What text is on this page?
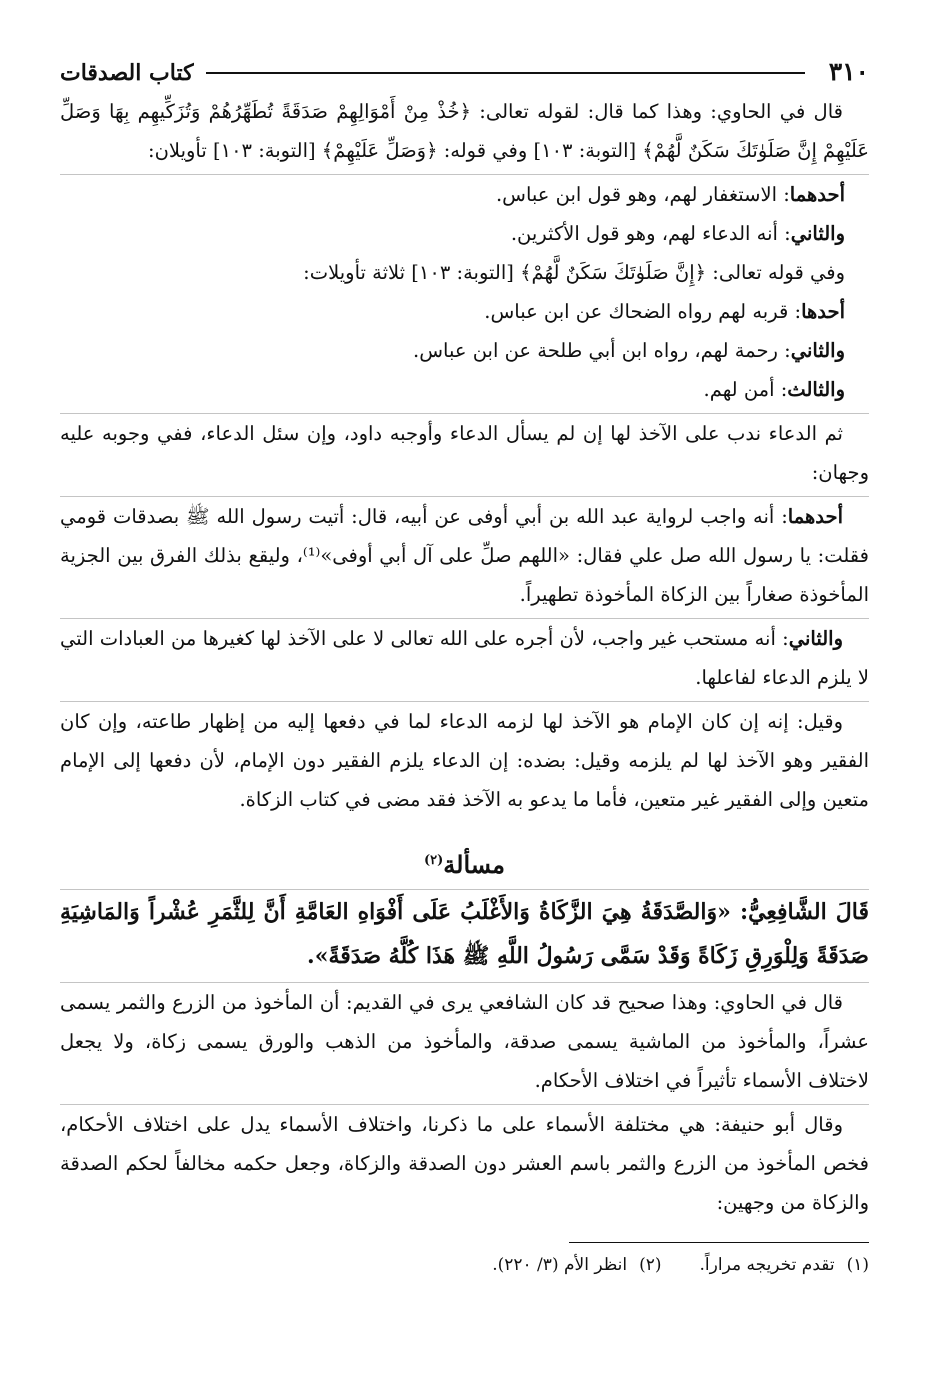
٣١٠
كتاب الصدقات

قال في الحاوي: وهذا كما قال: لقوله تعالى: ﴿خُذْ مِنْ أَمْوَالِهِمْ صَدَقَةً تُطَهِّرُهُمْ وَتُزَكِّيهِم بِهَا وَصَلِّ عَلَيْهِمْ إِنَّ صَلَوٰتَكَ سَكَنٌ لَّهُمْ﴾ [التوبة: ١٠٣] وفي قوله: ﴿وَصَلِّ عَلَيْهِمْ﴾ [التوبة: ١٠٣] تأويلان:

أحدهما: الاستغفار لهم، وهو قول ابن عباس.

والثاني: أنه الدعاء لهم، وهو قول الأكثرين.

وفي قوله تعالى: ﴿إِنَّ صَلَوٰتَكَ سَكَنٌ لَّهُمْ﴾ [التوبة: ١٠٣] ثلاثة تأويلات:

أحدها: قربه لهم رواه الضحاك عن ابن عباس.

والثاني: رحمة لهم، رواه ابن أبي طلحة عن ابن عباس.

والثالث: أمن لهم.

ثم الدعاء ندب على الآخذ لها إن لم يسأل الدعاء وأوجبه داود، وإن سئل الدعاء، ففي وجوبه عليه وجهان:

أحدهما: أنه واجب لرواية عبد الله بن أبي أوفى عن أبيه، قال: أتيت رسول الله ﷺ بصدقات قومي فقلت: يا رسول الله صل علي فقال: «اللهم صلِّ على آل أبي أوفى»⁽¹⁾، وليقع بذلك الفرق بين الجزية المأخوذة صغاراً بين الزكاة المأخوذة تطهيراً.

والثاني: أنه مستحب غير واجب، لأن أجره على الله تعالى لا على الآخذ لها كغيرها من العبادات التي لا يلزم الدعاء لفاعلها.

وقيل: إنه إن كان الإمام هو الآخذ لها لزمه الدعاء لما في دفعها إليه من إظهار طاعته، وإن كان الفقير وهو الآخذ لها لم يلزمه وقيل: بضده: إن الدعاء يلزم الفقير دون الإمام، لأن دفعها إلى الإمام متعين وإلى الفقير غير متعين، فأما ما يدعو به الآخذ فقد مضى في كتاب الزكاة.

مسألة$^{(٢)}$

قَالَ الشَّافِعِيُّ: «وَالصَّدَقَةُ هِيَ الزَّكَاةُ وَالأَغْلَبُ عَلَى أَفْوَاهِ العَامَّةِ أَنَّ لِلثَّمَرِ عُشْراً وَالمَاشِيَةِ صَدَقَةً وَلِلْوَرِقِ زَكَاةً وَقَدْ سَمَّى رَسُولُ اللَّهِ ﷺ هَذَا كُلَّهُ صَدَقَةً».

قال في الحاوي: وهذا صحيح قد كان الشافعي يرى في القديم: أن المأخوذ من الزرع والثمر يسمى عشراً، والمأخوذ من الماشية يسمى صدقة، والمأخوذ من الذهب والورق يسمى زكاة، ولا يجعل لاختلاف الأسماء تأثيراً في اختلاف الأحكام.

وقال أبو حنيفة: هي مختلفة الأسماء على ما ذكرنا، واختلاف الأسماء يدل على اختلاف الأحكام، فخص المأخوذ من الزرع والثمر باسم العشر دون الصدقة والزكاة، وجعل حكمه مخالفاً لحكم الصدقة والزكاة من وجهين:

(١)تقدم تخريجه مراراً.
(٢)انظر الأم (٣/ ٢٢٠).
